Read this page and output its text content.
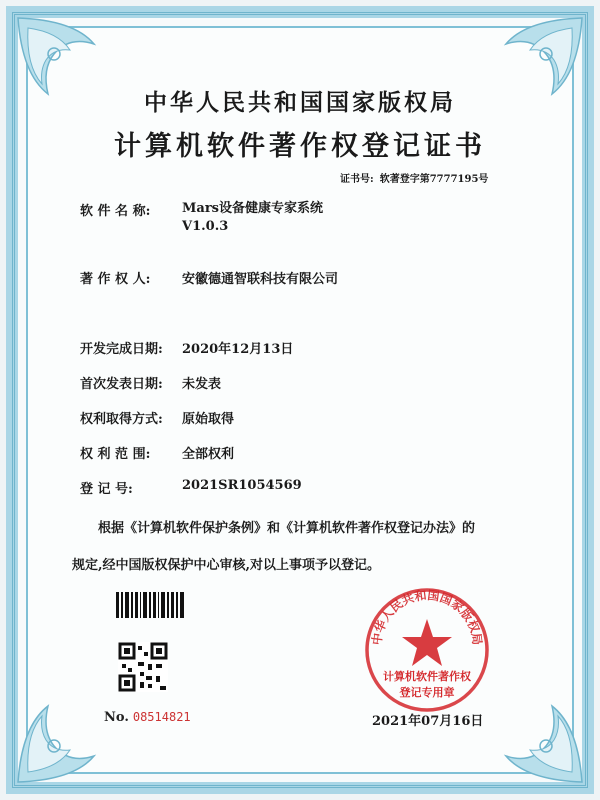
中华人民共和国国家版权局
计算机软件著作权登记证书
证书号: 软著登字第7777195号
软 件 名 称: Mars设备健康专家系统
V1.0.3
著 作 权 人: 安徽德通智联科技有限公司
开发完成日期: 2020年12月13日
首次发表日期: 未发表
权利取得方式: 原始取得
权 利 范 围: 全部权利
登 记 号:	2021SR1054569
根据《计算机软件保护条例》和《计算机软件著作权登记办法》的
规定,经中国版权保护中心审核,对以上事项予以登记。
No. 08514821
中华人民共和国国家版权局
计算机软件著作权
登记专用章
2021年07月16日
